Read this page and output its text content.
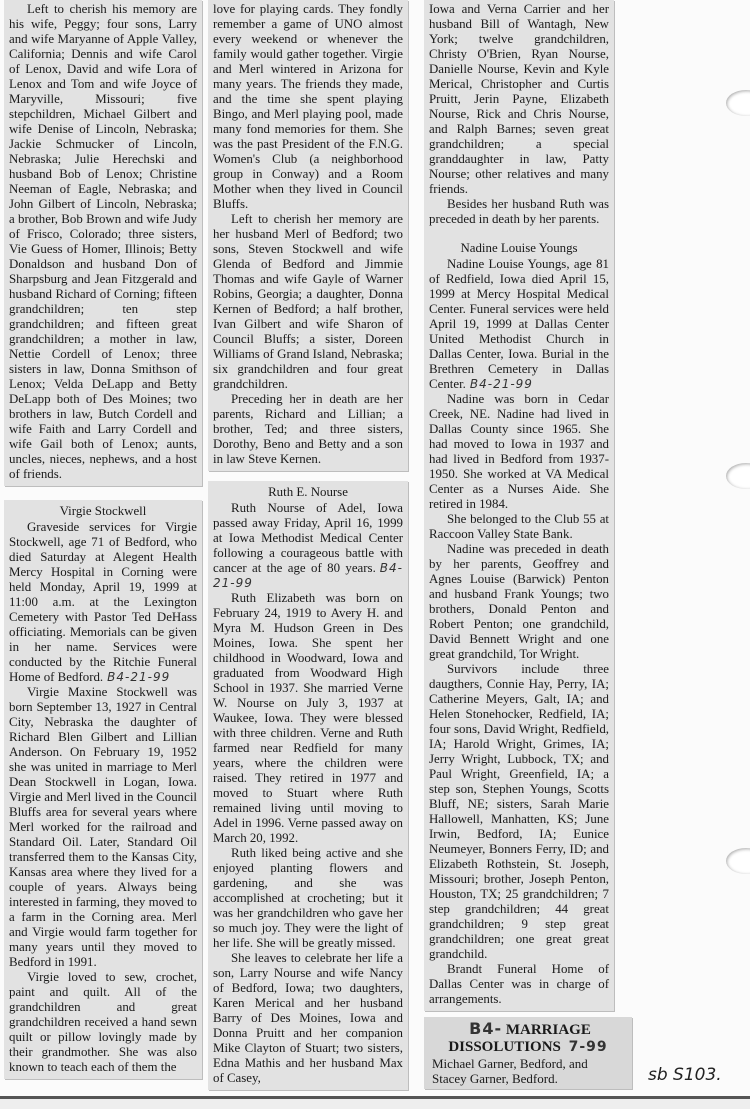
Left to cherish his memory are his wife, Peggy; four sons, Larry and wife Maryanne of Apple Valley, California; Dennis and wife Carol of Lenox, David and wife Lora of Lenox and Tom and wife Joyce of Maryville, Missouri; five stepchildren, Michael Gilbert and wife Denise of Lincoln, Nebraska; Jackie Schmucker of Lincoln, Nebraska; Julie Herechski and husband Bob of Lenox; Christine Neeman of Eagle, Nebraska; and John Gilbert of Lincoln, Nebraska; a brother, Bob Brown and wife Judy of Frisco, Colorado; three sisters, Vie Guess of Homer, Illinois; Betty Donaldson and husband Don of Sharpsburg and Jean Fitzgerald and husband Richard of Corning; fifteen grandchildren; ten step grandchildren; and fifteen great grandchildren; a mother in law, Nettie Cordell of Lenox; three sisters in law, Donna Smithson of Lenox; Velda DeLapp and Betty DeLapp both of Des Moines; two brothers in law, Butch Cordell and wife Faith and Larry Cordell and wife Gail both of Lenox; aunts, uncles, nieces, nephews, and a host of friends.

Virgie Stockwell

Graveside services for Virgie Stockwell, age 71 of Bedford, who died Saturday at Alegent Health Mercy Hospital in Corning were held Monday, April 19, 1999 at 11:00 a.m. at the Lexington Cemetery with Pastor Ted DeHass officiating. Memorials can be given in her name. Services were conducted by the Ritchie Funeral Home of Bedford. B4-21-99

Virgie Maxine Stockwell was born September 13, 1927 in Central City, Nebraska the daughter of Richard Blen Gilbert and Lillian Anderson. On February 19, 1952 she was united in marriage to Merl Dean Stockwell in Logan, Iowa. Virgie and Merl lived in the Council Bluffs area for several years where Merl worked for the railroad and Standard Oil. Later, Standard Oil transferred them to the Kansas City, Kansas area where they lived for a couple of years. Always being interested in farming, they moved to a farm in the Corning area. Merl and Virgie would farm together for many years until they moved to Bedford in 1991.

Virgie loved to sew, crochet, paint and quilt. All of the grandchildren and great grandchildren received a hand sewn quilt or pillow lovingly made by their grandmother. She was also known to teach each of them the

love for playing cards. They fondly remember a game of UNO almost every weekend or whenever the family would gather together. Virgie and Merl wintered in Arizona for many years. The friends they made, and the time she spent playing Bingo, and Merl playing pool, made many fond memories for them. She was the past President of the F.N.G. Women's Club (a neighborhood group in Conway) and a Room Mother when they lived in Council Bluffs.

Left to cherish her memory are her husband Merl of Bedford; two sons, Steven Stockwell and wife Glenda of Bedford and Jimmie Thomas and wife Gayle of Warner Robins, Georgia; a daughter, Donna Kernen of Bedford; a half brother, Ivan Gilbert and wife Sharon of Council Bluffs; a sister, Doreen Williams of Grand Island, Nebraska; six grandchildren and four great grandchildren.

Preceding her in death are her parents, Richard and Lillian; a brother, Ted; and three sisters, Dorothy, Beno and Betty and a son in law Steve Kernen.

Ruth E. Nourse

Ruth Nourse of Adel, Iowa passed away Friday, April 16, 1999 at Iowa Methodist Medical Center following a courageous battle with cancer at the age of 80 years. B4-21-99

Ruth Elizabeth was born on February 24, 1919 to Avery H. and Myra M. Hudson Green in Des Moines, Iowa. She spent her childhood in Woodward, Iowa and graduated from Woodward High School in 1937. She married Verne W. Nourse on July 3, 1937 at Waukee, Iowa. They were blessed with three children. Verne and Ruth farmed near Redfield for many years, where the children were raised. They retired in 1977 and moved to Stuart where Ruth remained living until moving to Adel in 1996. Verne passed away on March 20, 1992.

Ruth liked being active and she enjoyed planting flowers and gardening, and she was accomplished at crocheting; but it was her grandchildren who gave her so much joy. They were the light of her life. She will be greatly missed.

She leaves to celebrate her life a son, Larry Nourse and wife Nancy of Bedford, Iowa; two daughters, Karen Merical and her husband Barry of Des Moines, Iowa and Donna Pruitt and her companion Mike Clayton of Stuart; two sisters, Edna Mathis and her husband Max of Casey,

Iowa and Verna Carrier and her husband Bill of Wantagh, New York; twelve grandchildren, Christy O'Brien, Ryan Nourse, Danielle Nourse, Kevin and Kyle Merical, Christopher and Curtis Pruitt, Jerin Payne, Elizabeth Nourse, Rick and Chris Nourse, and Ralph Barnes; seven great grandchildren; a special granddaughter in law, Patty Nourse; other relatives and many friends.

Besides her husband Ruth was preceded in death by her parents.

Nadine Louise Youngs

Nadine Louise Youngs, age 81 of Redfield, Iowa died April 15, 1999 at Mercy Hospital Medical Center. Funeral services were held April 19, 1999 at Dallas Center United Methodist Church in Dallas Center, Iowa. Burial in the Brethren Cemetery in Dallas Center. B4-21-99

Nadine was born in Cedar Creek, NE. Nadine had lived in Dallas County since 1965. She had moved to Iowa in 1937 and had lived in Bedford from 1937-1950. She worked at VA Medical Center as a Nurses Aide. She retired in 1984.

She belonged to the Club 55 at Raccoon Valley State Bank.

Nadine was preceded in death by her parents, Geoffrey and Agnes Louise (Barwick) Penton and husband Frank Youngs; two brothers, Donald Penton and Robert Penton; one grandchild, David Bennett Wright and one great grandchild, Tor Wright.

Survivors include three daugthers, Connie Hay, Perry, IA; Catherine Meyers, Galt, IA; and Helen Stonehocker, Redfield, IA; four sons, David Wright, Redfield, IA; Harold Wright, Grimes, IA; Jerry Wright, Lubbock, TX; and Paul Wright, Greenfield, IA; a step son, Stephen Youngs, Scotts Bluff, NE; sisters, Sarah Marie Hallowell, Manhatten, KS; June Irwin, Bedford, IA; Eunice Neumeyer, Bonners Ferry, ID; and Elizabeth Rothstein, St. Joseph, Missouri; brother, Joseph Penton, Houston, TX; 25 grandchildren; 7 step grandchildren; 44 great grandchildren; 9 step great grandchildren; one great great grandchild.

Brandt Funeral Home of Dallas Center was in charge of arrangements.

B4- MARRIAGE
DISSOLUTIONS 7-99
Michael Garner, Bedford, and Stacey Garner, Bedford.	sb S103.
